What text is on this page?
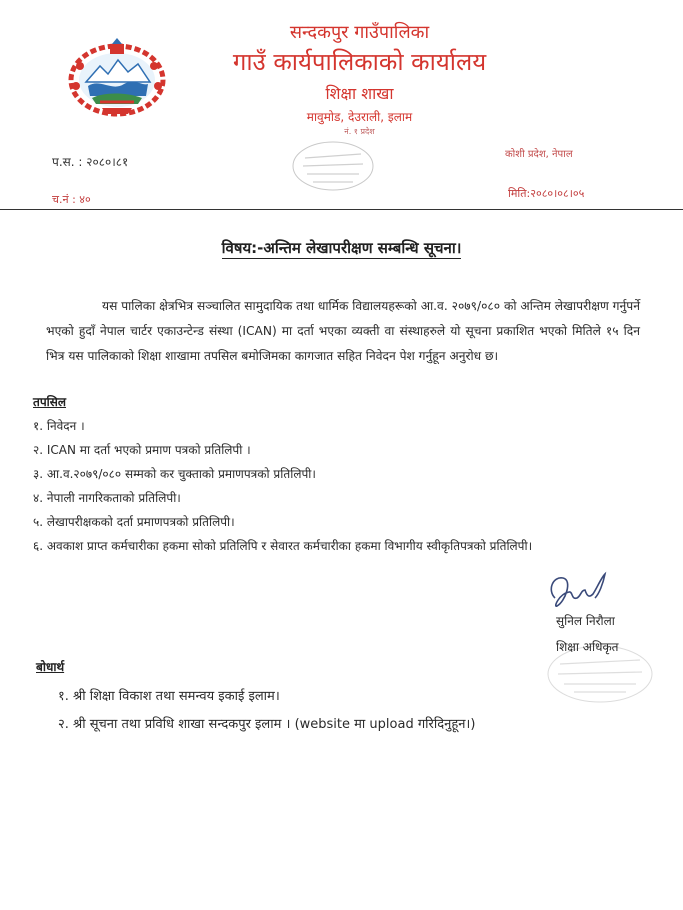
सन्दकपुर गाउँपालिका
गाउँ कार्यपालिकाको कार्यालय
शिक्षा शाखा
मावुमोड, देउराली, इलाम
नं. १ प्रदेश
प.स. : २०८०।८१
कोशी प्रदेश, नेपाल
च.नं : ४०	मिति:२०८०।०८।०५
विषय:-अन्तिम लेखापरीक्षण सम्बन्धि सूचना।
यस पालिका क्षेत्रभित्र सञ्चालित सामुदायिक तथा धार्मिक विद्यालयहरूको आ.व. २०७९/०८० को अन्तिम लेखापरीक्षण गर्नुपर्ने भएको हुदाँ नेपाल चार्टर एकाउन्टेन्ड संस्था (ICAN) मा दर्ता भएका व्यक्ती वा संस्थाहरुले यो सूचना प्रकाशित भएको मितिले १५ दिन भित्र यस पालिकाको शिक्षा शाखामा तपसिल बमोजिमका कागजात सहित निवेदन पेश गर्नुहून अनुरोध छ।
तपसिल
१. निवेदन ।
२. ICAN मा दर्ता भएको प्रमाण पत्रको प्रतिलिपी ।
३. आ.व.२०७९/०८० सम्मको कर चुक्ताको प्रमाणपत्रको प्रतिलिपी।
४. नेपाली नागरिकताको प्रतिलिपी।
५. लेखापरीक्षकको दर्ता प्रमाणपत्रको प्रतिलिपी।
६. अवकाश प्राप्त कर्मचारीका हकमा सोको प्रतिलिपि र सेवारत कर्मचारीका हकमा विभागीय स्वीकृतिपत्रको प्रतिलिपी।
सुनिल निरौला
शिक्षा अधिकृत
बोधार्थ
१. श्री शिक्षा विकाश तथा समन्वय इकाई इलाम।
२. श्री सूचना तथा प्रविधि शाखा सन्दकपुर इलाम । (website मा upload गरिदिनुहून।)
